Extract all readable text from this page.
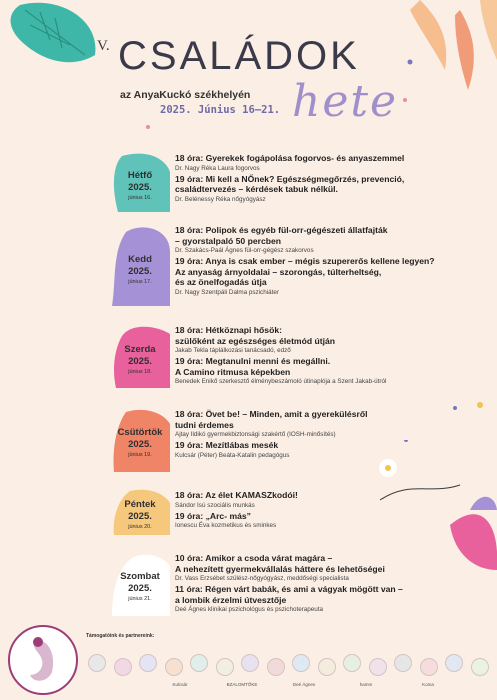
V. CSALÁDOK
hete
az AnyaKuckó székhelyén
2025. Június 16–21.
Hétfő
2025.
június 16.
18 óra: Gyerekek fogápolása fogorvos- és anyaszemmel
Dr. Nagy Réka Laura fogorvos
19 óra: Mi kell a NŐnek? Egészségmegőrzés, prevenció,
családtervezés – kérdések tabuk nélkül.
Dr. Belénessy Réka nőgyógyász
Kedd
2025.
június 17.
18 óra: Polipok és egyéb fül-orr-gégészeti állatfajták
– gyorstalpaló 50 percben
Dr. Szakács-Paál Ágnes fül-orr-gégész szakorvos
19 óra: Anya is csak ember – mégis szupererős kellene legyen?
Az anyaság árnyoldalai – szorongás, túlterheltség,
és az önelfogadás útja
Dr. Nagy Szentpáli Dalma pszichiáter
Szerda
2025.
június 18.
18 óra: Hétköznapi hősök:
szülőként az egészséges életmód útján
Jakab Tekla táplálkozási tanácsadó, edző
19 óra: Megtanulni menni és megállni.
A Camino ritmusa képekben
Benedek Enikő szerkesztő élménybeszámoló útinaplója a Szent Jakab-útról
Csütörtök
2025.
június 19.
18 óra: Övet be! – Minden, amit a gyerekülésről
tudni érdemes
Ajtay Ildikó gyermekbiztonsági szakértő (IOSH-minősítés)
19 óra: Mezítlábas mesék
Kulcsár (Péter) Beáta-Katalin pedagógus
Péntek
2025.
június 20.
18 óra: Az élet KAMASZkodói!
Sándor Isú szociális munkás
19 óra: „Arc- más”
Ionescu Éva kozmetikus és sminkes
Szombat
2025.
június 21.
10 óra: Amikor a csoda várat magára –
A nehezített gyermekvállalás háttere és lehetőségei
Dr. Vass Erzsébet szülész-nőgyógyász, meddőségi specialista
11 óra: Régen várt babák, és ami a vágyak mögött van –
a lombik érzelmi útvesztője
Deé Ágnes klinikai pszichológus és pszichoterapeuta
Támogatóink és partnereink:
Kulcsár	BZALOMTŐKE	Deé Ágnes	hamm	Koma
